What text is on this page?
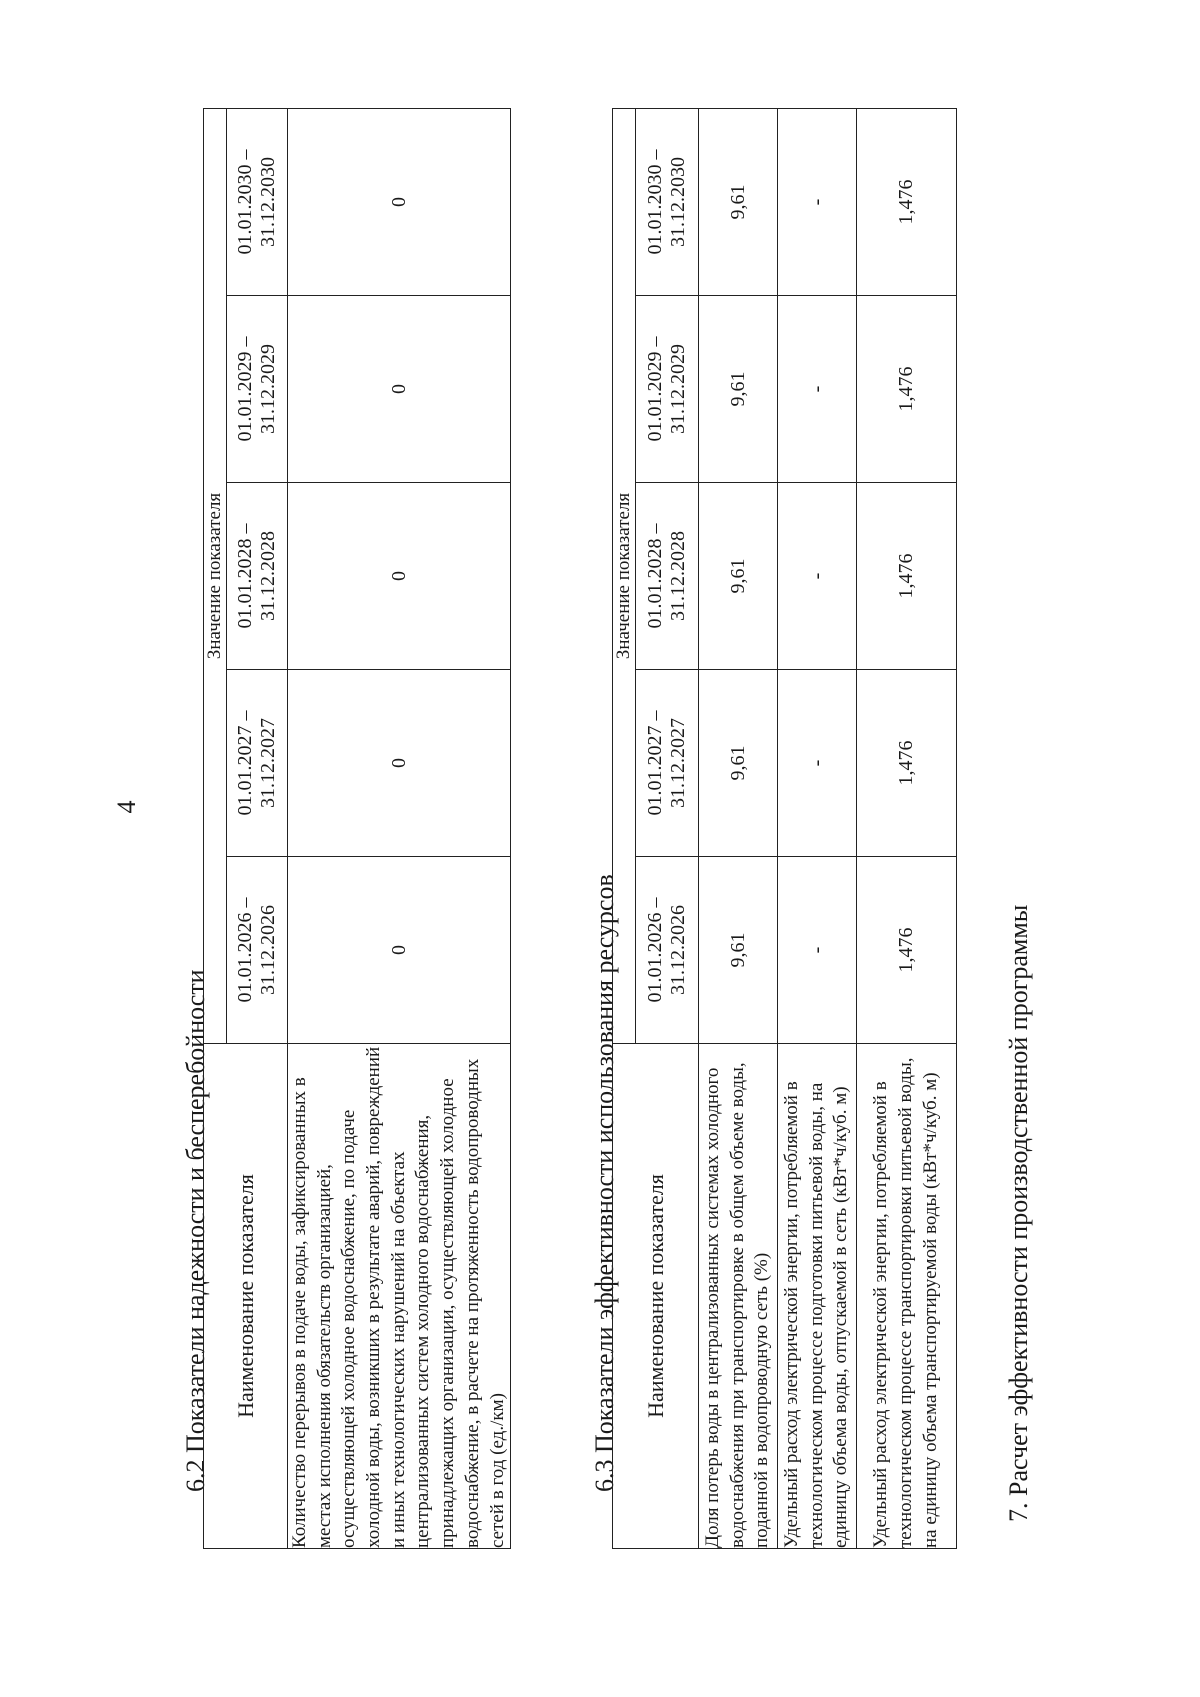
4
6.2 Показатели надежности и бесперебойности Наименование показателя	Значение показателя				
	01.01.2026 –
31.12.2026	01.01.2027 –
31.12.2027	01.01.2028 –
31.12.2028	01.01.2029 –
31.12.2029	01.01.2030 –
31.12.2030
Количество перерывов в подаче воды, зафиксированных в местах исполнения обязательств организацией, осуществляющей холодное водоснабжение, по подаче холодной воды, возникших в результате аварий, повреждений и иных технологических нарушений на объектах централизованных систем холодного водоснабжения, принадлежащих организации, осуществляющей холодное водоснабжение, в расчете на протяженность водопроводных сетей в год (ед./км)	0	0	0	0	0
6.3 Показатели эффективности использования ресурсов Наименование показателя	Значение показателя				
	01.01.2026 –
31.12.2026	01.01.2027 –
31.12.2027	01.01.2028 –
31.12.2028	01.01.2029 –
31.12.2029	01.01.2030 –
31.12.2030
Доля потерь воды в централизованных системах холодного водоснабжения при транспортировке в общем объеме воды, поданной в водопроводную сеть (%)	9,61	9,61	9,61	9,61	9,61
Удельный расход электрической энергии, потребляемой в технологическом процессе подготовки питьевой воды, на единицу объема воды, отпускаемой в сеть (кВт*ч/куб. м)	-	-	-	-	-
Удельный расход электрической энергии, потребляемой в технологическом процессе транспортировки питьевой воды, на единицу объема транспортируемой воды (кВт*ч/куб. м)	1,476	1,476	1,476	1,476	1,476
7. Расчет эффективности производственной программы
